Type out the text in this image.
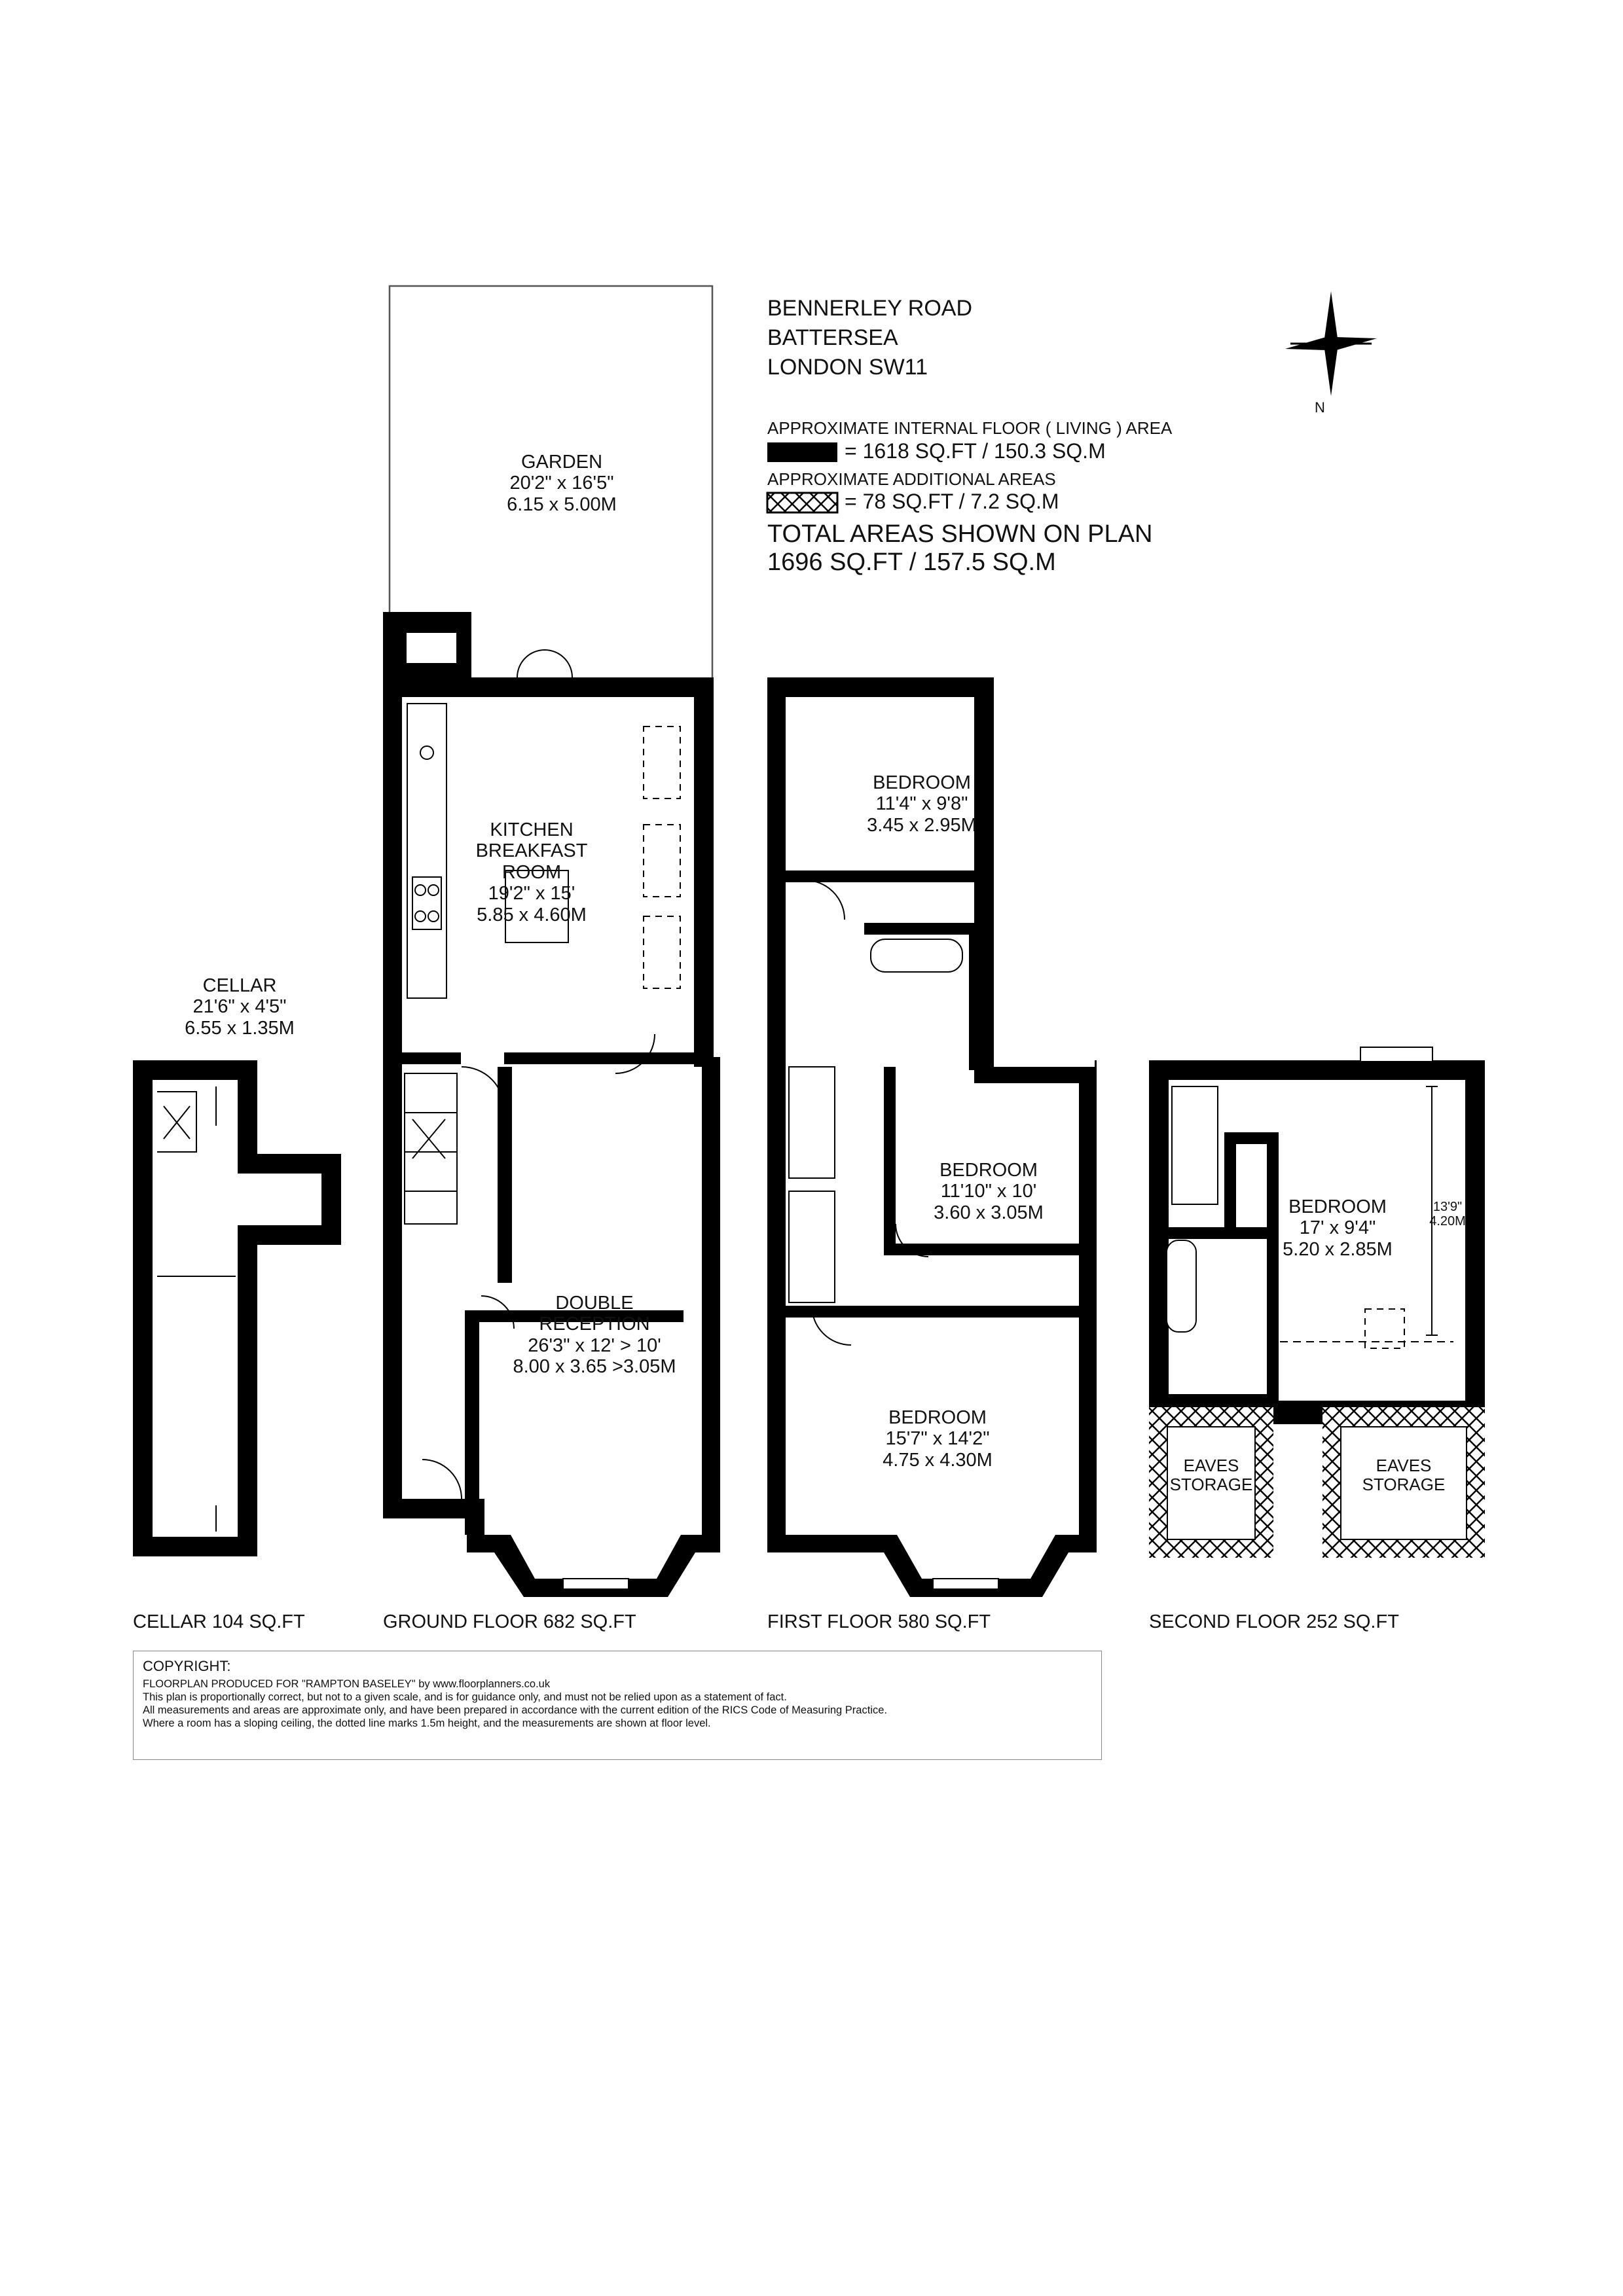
BENNERLEY ROAD

BATTERSEA

LONDON SW11

APPROXIMATE INTERNAL FLOOR ( LIVING ) AREA

= 1618 SQ.FT / 150.3 SQ.M

APPROXIMATE ADDITIONAL AREAS

= 78 SQ.FT / 7.2 SQ.M

TOTAL AREAS SHOWN ON PLAN

1696 SQ.FT / 157.5 SQ.M

N

GARDEN
20'2" x 16'5"
6.15 x 5.00M
KITCHEN
BREAKFAST
ROOM
19'2" x 15'
5.85 x 4.60M
CELLAR
21'6" x 4'5"
6.55 x 1.35M
DOUBLE
RECEPTION
26'3" x 12' > 10'
8.00 x 3.65 >3.05M
BEDROOM
11'4" x 9'8"
3.45 x 2.95M
BEDROOM
11'10" x 10'
3.60 x 3.05M
BEDROOM
15'7" x 14'2"
4.75 x 4.30M
BEDROOM
17' x 9'4"
5.20 x 2.85M
13'9"
4.20M
EAVES
STORAGE
EAVES
STORAGE

CELLAR 104 SQ.FT	GROUND FLOOR 682 SQ.FT	FIRST FLOOR 580 SQ.FT	SECOND FLOOR 252 SQ.FT

COPYRIGHT:

FLOORPLAN PRODUCED FOR "RAMPTON BASELEY" by www.floorplanners.co.uk

This plan is proportionally correct, but not to a given scale, and is for guidance only, and must not be relied upon as a statement of fact.

All measurements and areas are approximate only, and have been prepared in accordance with the current edition of the RICS Code of Measuring Practice.

Where a room has a sloping ceiling, the dotted line marks 1.5m height, and the measurements are shown at floor level.
